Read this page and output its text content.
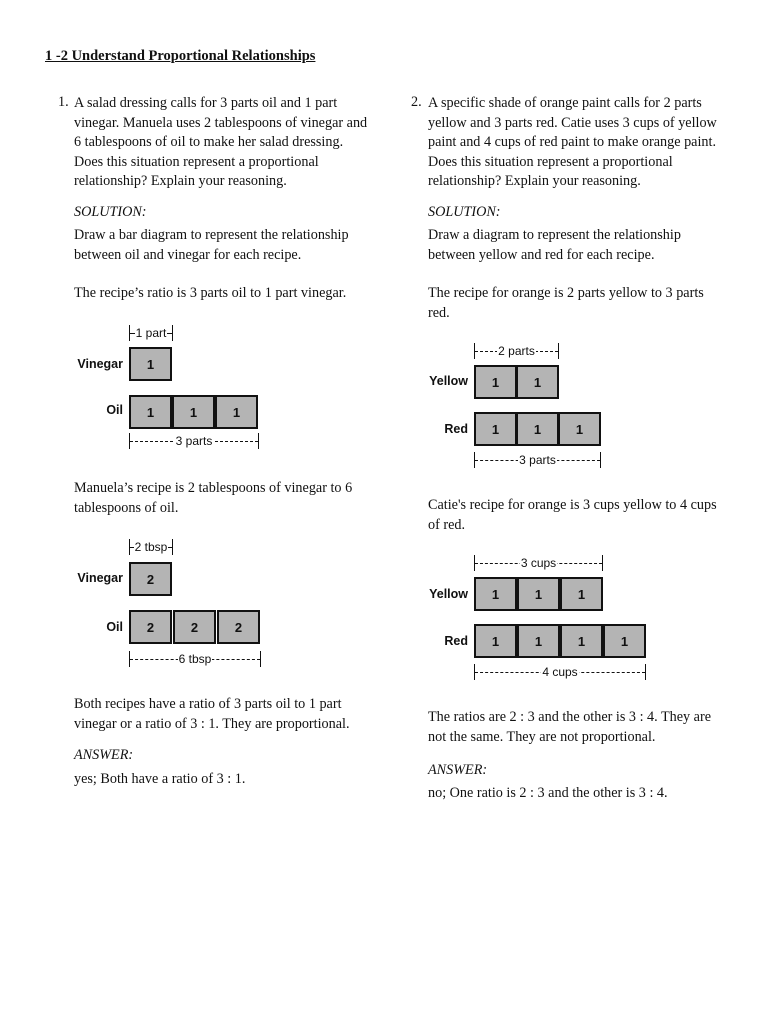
1 -2 Understand Proportional Relationships
1. A salad dressing calls for 3 parts oil and 1 part
vinegar. Manuela uses 2 tablespoons of vinegar and
6 tablespoons of oil to make her salad dressing.
Does this situation represent a proportional
relationship? Explain your reasoning.
SOLUTION:
Draw a bar diagram to represent the relationship
between oil and vinegar for each recipe.
The recipe’s ratio is 3 parts oil to 1 part vinegar.
1 part
Vinegar	1
Oil	1	1	1
3 parts
Manuela’s recipe is 2 tablespoons of vinegar to 6
tablespoons of oil.
2 tbsp
Vinegar	2
Oil	2	2	2
6 tbsp
Both recipes have a ratio of 3 parts oil to 1 part
vinegar or a ratio of 3 : 1. They are proportional.
ANSWER:
yes; Both have a ratio of 3 : 1.
2. A specific shade of orange paint calls for 2 parts
yellow and 3 parts red. Catie uses 3 cups of yellow
paint and 4 cups of red paint to make orange paint.
Does this situation represent a proportional
relationship? Explain your reasoning.
SOLUTION:
Draw a diagram to represent the relationship
between yellow and red for each recipe.
The recipe for orange is 2 parts yellow to 3 parts
red.
2 parts
Yellow	1	1
Red	1	1	1
3 parts
Catie's recipe for orange is 3 cups yellow to 4 cups
of red.
3 cups
Yellow	1	1	1
Red	1	1	1	1
4 cups
The ratios are 2 : 3 and the other is 3 : 4. They are
not the same. They are not proportional.
ANSWER:
no; One ratio is 2 : 3 and the other is 3 : 4.
